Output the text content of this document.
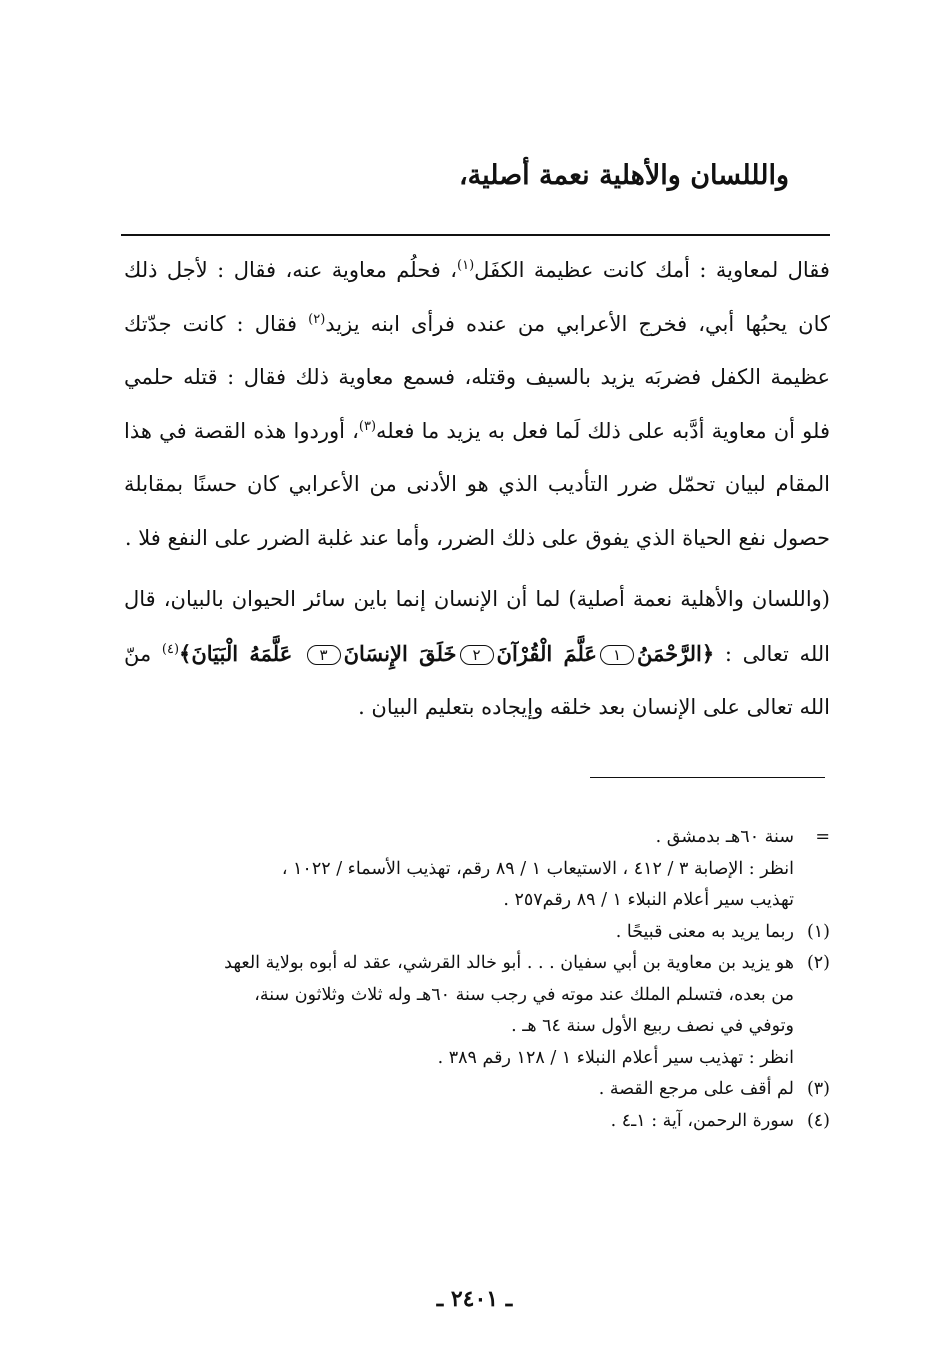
والللسان والأهلية نعمة أصلية،

فقال لمعاوية : أمك كانت عظيمة الكفَل$^{(١)}$، فحلُم معاوية عنه، فقال : لأجل ذلك كان يحبُها أبي، فخرج الأعرابي من عنده فرأى ابنه يزيد$^{(٢)}$ فقال : كانت جدّتك عظيمة الكفل فضربَه يزيد بالسيف وقتله، فسمع معاوية ذلك فقال : قتله حلمي فلو أن معاوية أدَّبه على ذلك لَما فعل به يزيد ما فعله$^{(٣)}$، أوردوا هذه القصة في هذا المقام لبيان تحمّل ضرر التأديب الذي هو الأدنى من الأعرابي كان حسنًا بمقابلة حصول نفع الحياة الذي يفوق على ذلك الضرر، وأما عند غلبة الضرر على النفع فلا .

(واللسان والأهلية نعمة أصلية) لما أن الإنسان إنما باين سائر الحيوان بالبيان، قال الله تعالى : ﴿الرَّحْمَنُ١عَلَّمَ الْقُرْآنَ٢خَلَقَ الإِنسَانَ٣ عَلَّمَهُ الْبَيَانَ﴾$^{(٤)}$ منّ الله تعالى على الإنسان بعد خلقه وإيجاده بتعليم البيان .

=
سنة ٦٠هـ بدمشق .
انظر : الإصابة ٣ / ٤١٢ ، الاستيعاب ١ / ٨٩ رقم، تهذيب الأسماء / ١٠٢٢ ،
تهذيب سير أعلام النبلاء ١ / ٨٩ رقم٢٥٧ .
(١)
ربما يريد به معنى قبيحًا .
(٢)
هو يزيد بن معاوية بن أبي سفيان . . . أبو خالد القرشي، عقد له أبوه بولاية العهد
من بعده، فتسلم الملك عند موته في رجب سنة ٦٠هـ وله ثلاث وثلاثون سنة،
وتوفي في نصف ربيع الأول سنة ٦٤ هـ .
انظر : تهذيب سير أعلام النبلاء ١ / ١٢٨ رقم ٣٨٩ .
(٣)
لم أقف على مرجع القصة .
(٤)
سورة الرحمن، آية : ١ـ٤ .
ـ ٢٤٠١ ـ
